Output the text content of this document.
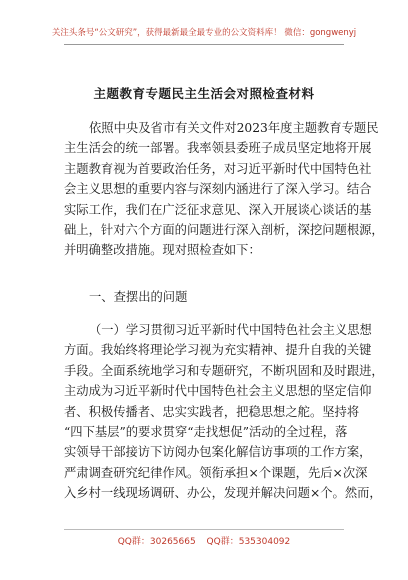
关注头条号“公文研究”，获得最新最全最专业的公文资料库！ 微信：gongwenyj
主题教育专题民主生活会对照检查材料
依照中央及省市有关文件对2023年度主题教育专题民
主生活会的统一部署。我率领县委班子成员坚定地将开展
主题教育视为首要政治任务，对习近平新时代中国特色社
会主义思想的重要内容与深刻内涵进行了深入学习。结合
实际工作，我们在广泛征求意见、深入开展谈心谈话的基
础上，针对六个方面的问题进行深入剖析，深挖问题根源，
并明确整改措施。现对照检查如下：
一、查摆出的问题
（一）学习贯彻习近平新时代中国特色社会主义思想
方面。我始终将理论学习视为充实精神、提升自我的关键
手段。全面系统地学习和专题研究，不断巩固和及时跟进，
主动成为习近平新时代中国特色社会主义思想的坚定信仰
者、积极传播者、忠实实践者，把稳思想之舵。坚持将
“四下基层”的要求贯穿“走找想促”活动的全过程，落
实领导干部接访下访阅办包案化解信访事项的工作方案，
严肃调查研究纪律作风。领衔承担×个课题，先后×次深
入乡村一线现场调研、办公，发现并解决问题×个。然而，
QQ群：30265665 QQ群：535304092
